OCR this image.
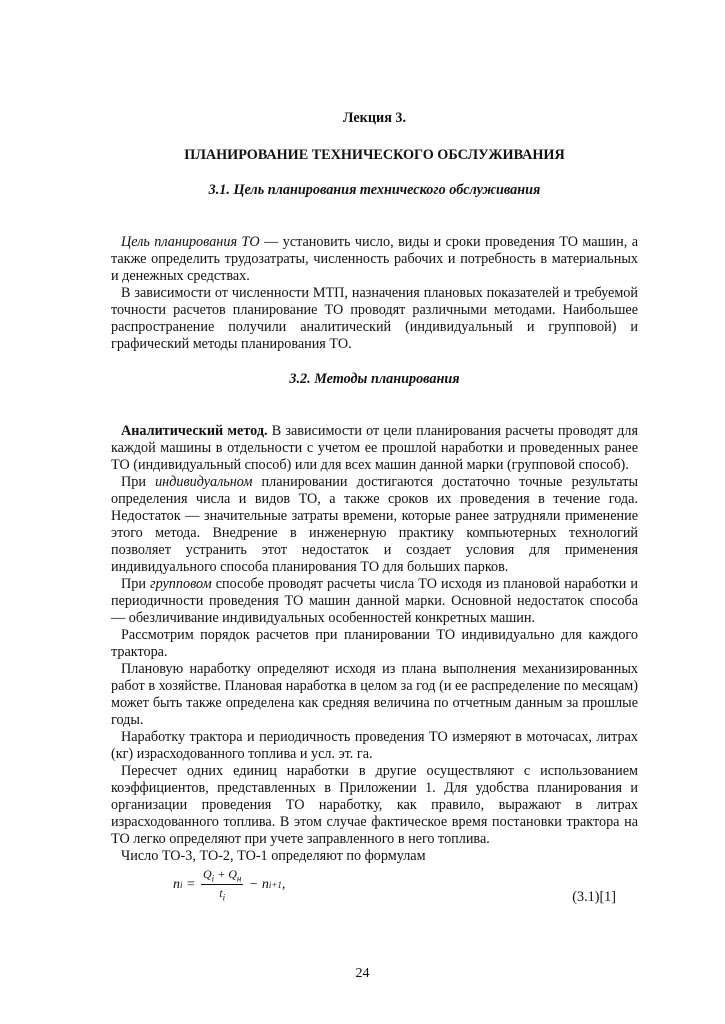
Лекция 3.
ПЛАНИРОВАНИЕ ТЕХНИЧЕСКОГО ОБСЛУЖИВАНИЯ
3.1. Цель планирования технического обслуживания

Цель планирования ТО — установить число, виды и сроки проведения ТО машин, а также определить трудозатраты, численность рабочих и потребность в материальных и денежных средствах.

В зависимости от численности МТП, назначения плановых показателей и требуемой точности расчетов планирование ТО проводят различными методами. Наибольшее распространение получили аналитический (индивидуальный и групповой) и графический методы планирования ТО.

3.2. Методы планирования

Аналитический метод. В зависимости от цели планирования расчеты проводят для каждой машины в отдельности с учетом ее прошлой наработки и проведенных ранее ТО (индивидуальный способ) или для всех машин данной марки (групповой способ).

При индивидуальном планировании достигаются достаточно точные результаты определения числа и видов ТО, а также сроков их проведения в течение года. Недостаток — значительные затраты времени, которые ранее затрудняли применение этого метода. Внедрение в инженерную практику компьютерных технологий позволяет устранить этот недостаток и создает условия для применения индивидуального способа планирования ТО для больших парков.

При групповом способе проводят расчеты числа ТО исходя из плановой наработки и периодичности проведения ТО машин данной марки. Основной недостаток способа — обезличивание индивидуальных особенностей конкретных машин.

Рассмотрим порядок расчетов при планировании ТО индивидуально для каждого трактора.

Плановую наработку определяют исходя из плана выполнения механизированных работ в хозяйстве. Плановая наработка в целом за год (и ее распределение по месяцам) может быть также определена как средняя величина по отчетным данным за прошлые годы.

Наработку трактора и периодичность проведения ТО измеряют в моточасах, литрах (кг) израсходованного топлива и усл. эт. га.

Пересчет одних единиц наработки в другие осуществляют с использованием коэффициентов, представленных в Приложении 1. Для удобства планирования и организации проведения ТО наработку, как правило, выражают в литрах израсходованного топлива. В этом случае фактическое время постановки трактора на ТО легко определяют при учете заправленного в него топлива.

Число ТО-3, ТО-2, ТО-1 определяют по формулам

n $i = \frac{Q_i + Q_н}{t_i} - n$ i+1 ,
(3.1)[1]
24
